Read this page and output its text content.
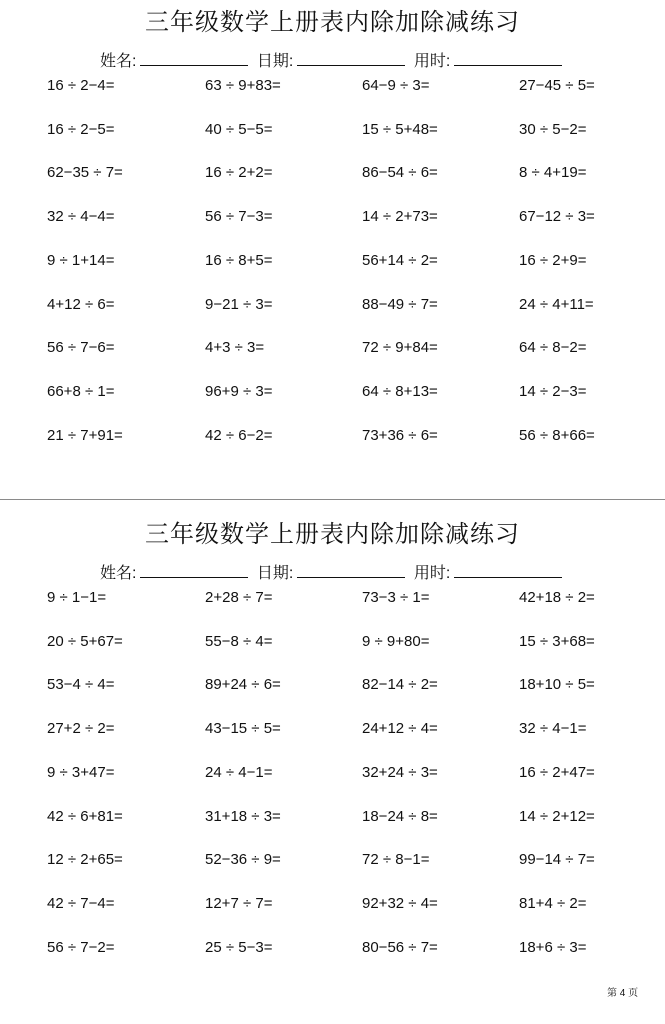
三年级数学上册表内除加除减练习
姓名:	日期:	用时:
16 ÷ 2−4=	63 ÷ 9+83=	64−9 ÷ 3=	27−45 ÷ 5=
16 ÷ 2−5=	40 ÷ 5−5=	15 ÷ 5+48=	30 ÷ 5−2=
62−35 ÷ 7=	16 ÷ 2+2=	86−54 ÷ 6=	8 ÷ 4+19=
32 ÷ 4−4=	56 ÷ 7−3=	14 ÷ 2+73=	67−12 ÷ 3=
9 ÷ 1+14=	16 ÷ 8+5=	56+14 ÷ 2=	16 ÷ 2+9=
4+12 ÷ 6=	9−21 ÷ 3=	88−49 ÷ 7=	24 ÷ 4+11=
56 ÷ 7−6=	4+3 ÷ 3=	72 ÷ 9+84=	64 ÷ 8−2=
66+8 ÷ 1=	96+9 ÷ 3=	64 ÷ 8+13=	14 ÷ 2−3=
21 ÷ 7+91=	42 ÷ 6−2=	73+36 ÷ 6=	56 ÷ 8+66=
三年级数学上册表内除加除减练习
姓名:	日期:	用时:
9 ÷ 1−1=	2+28 ÷ 7=	73−3 ÷ 1=	42+18 ÷ 2=
20 ÷ 5+67=	55−8 ÷ 4=	9 ÷ 9+80=	15 ÷ 3+68=
53−4 ÷ 4=	89+24 ÷ 6=	82−14 ÷ 2=	18+10 ÷ 5=
27+2 ÷ 2=	43−15 ÷ 5=	24+12 ÷ 4=	32 ÷ 4−1=
9 ÷ 3+47=	24 ÷ 4−1=	32+24 ÷ 3=	16 ÷ 2+47=
42 ÷ 6+81=	31+18 ÷ 3=	18−24 ÷ 8=	14 ÷ 2+12=
12 ÷ 2+65=	52−36 ÷ 9=	72 ÷ 8−1=	99−14 ÷ 7=
42 ÷ 7−4=	12+7 ÷ 7=	92+32 ÷ 4=	81+4 ÷ 2=
56 ÷ 7−2=	25 ÷ 5−3=	80−56 ÷ 7=	18+6 ÷ 3=
第 4 页
